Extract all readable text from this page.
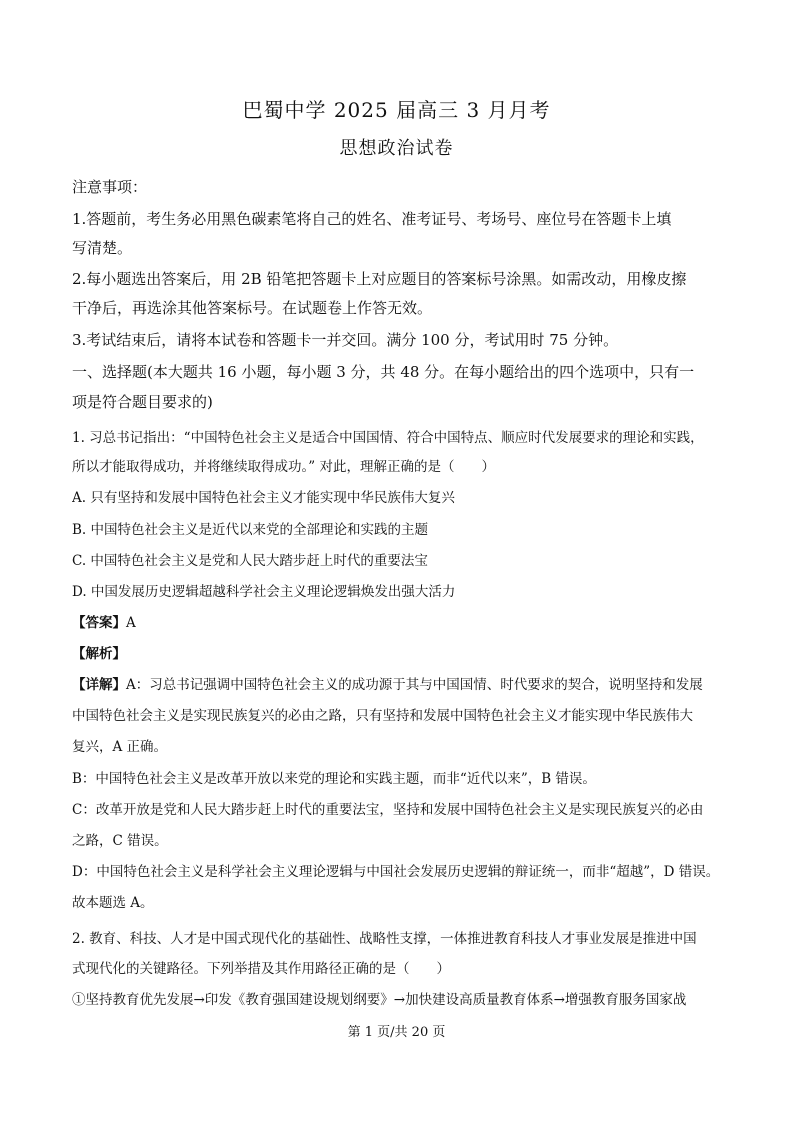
巴蜀中学 2025 届高三 3 月月考
思想政治试卷
注意事项：
1.答题前，考生务必用黑色碳素笔将自己的姓名、准考证号、考场号、座位号在答题卡上填
写清楚。
2.每小题选出答案后，用 2B 铅笔把答题卡上对应题目的答案标号涂黑。如需改动，用橡皮擦
干净后，再选涂其他答案标号。在试题卷上作答无效。
3.考试结束后，请将本试卷和答题卡一并交回。满分 100 分，考试用时 75 分钟。
一、选择题(本大题共 16 小题，每小题 3 分，共 48 分。在每小题给出的四个选项中，只有一
项是符合题目要求的)
1. 习总书记指出：“中国特色社会主义是适合中国国情、符合中国特点、顺应时代发展要求的理论和实践，
所以才能取得成功，并将继续取得成功。” 对此，理解正确的是（　　）
A. 只有坚持和发展中国特色社会主义才能实现中华民族伟大复兴
B. 中国特色社会主义是近代以来党的全部理论和实践的主题
C. 中国特色社会主义是党和人民大踏步赶上时代的重要法宝
D. 中国发展历史逻辑超越科学社会主义理论逻辑焕发出强大活力
【答案】A
【解析】
【详解】A：习总书记强调中国特色社会主义的成功源于其与中国国情、时代要求的契合，说明坚持和发展
中国特色社会主义是实现民族复兴的必由之路，只有坚持和发展中国特色社会主义才能实现中华民族伟大
复兴，A 正确。
B：中国特色社会主义是改革开放以来党的理论和实践主题，而非“近代以来”，B 错误。
C：改革开放是党和人民大踏步赶上时代的重要法宝，坚持和发展中国特色社会主义是实现民族复兴的必由
之路，C 错误。
D：中国特色社会主义是科学社会主义理论逻辑与中国社会发展历史逻辑的辩证统一，而非“超越”，D 错误。
故本题选 A。
2. 教育、科技、人才是中国式现代化的基础性、战略性支撑，一体推进教育科技人才事业发展是推进中国
式现代化的关键路径。下列举措及其作用路径正确的是（　　）
①坚持教育优先发展→印发《教育强国建设规划纲要》→加快建设高质量教育体系→增强教育服务国家战
第 1 页/共 20 页
